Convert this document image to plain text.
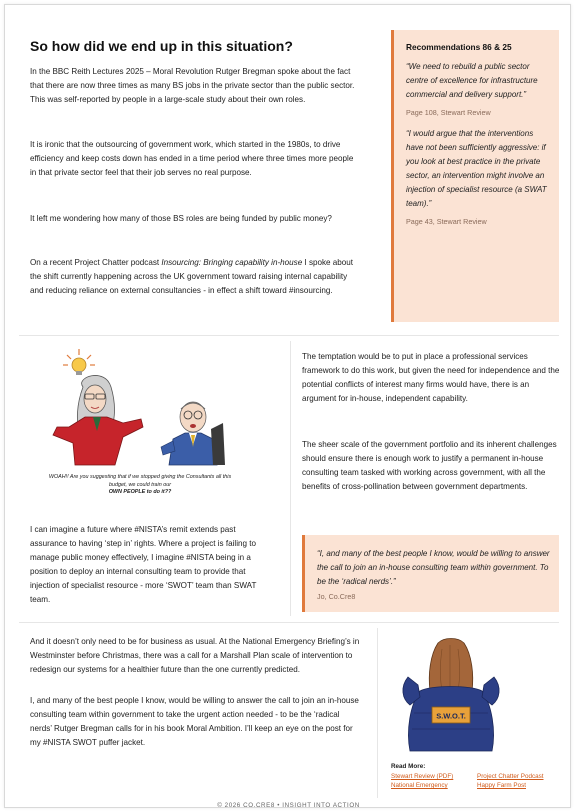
So how did we end up in this situation?

In the BBC Reith Lectures 2025 – Moral Revolution Rutger Bregman spoke about the fact that there are now three times as many BS jobs in the private sector than the public sector. This was self-reported by people in a large-scale study about their own roles.

It is ironic that the outsourcing of government work, which started in the 1980s, to drive efficiency and keep costs down has ended in a time period where three times more people in that private sector feel that their job serves no real purpose.

It left me wondering how many of those BS roles are being funded by public money?

On a recent Project Chatter podcast Insourcing: Bringing capability in-house I spoke about the shift currently happening across the UK government toward raising internal capability and reducing reliance on external consultancies - in effect a shift toward #insourcing.

Recommendations 86 & 25

“We need to rebuild a public sector centre of excellence for infrastructure commercial and delivery support.”

Page 108, Stewart Review

“I would argue that the interventions have not been sufficiently aggressive: if you look at best practice in the private sector, an intervention might involve an injection of specialist resource (a SWAT team).”

Page 43, Stewart Review

WOAH!! Are you suggesting that if we stopped giving the Consultants all this budget, we could train our
OWN PEOPLE to do it??

The temptation would be to put in place a professional services framework to do this work, but given the need for independence and the potential conflicts of interest many firms would have, there is an argument for in-house, independent capability.

The sheer scale of the government portfolio and its inherent challenges should ensure there is enough work to justify a permanent in-house consulting team tasked with working across government, with all the benefits of cross-pollination between government departments.

I can imagine a future where #NISTA’s remit extends past assurance to having ‘step in’ rights. Where a project is failing to manage public money effectively, I imagine #NISTA being in a position to deploy an internal consulting team to provide that injection of specialist resource - more ‘SWOT’ team than SWAT team.

“I, and many of the best people I know, would be willing to answer the call to join an in-house consulting team within government. To be the ‘radical nerds’.”

Jo, Co.Cre8

And it doesn’t only need to be for business as usual. At the National Emergency Briefing’s in Westminster before Christmas, there was a call for a Marshall Plan scale of intervention to redesign our systems for a healthier future than the one currently predicted.

I, and many of the best people I know, would be willing to answer the call to join an in-house consulting team within government to take the urgent action needed - to be the ‘radical nerds’ Rutger Bregman calls for in his book Moral Ambition. I’ll keep an eye on the post for my #NISTA SWOT puffer jacket.

S.W.O.T.
Read More:
Stewart Review (PDF)	Project Chatter Podcast
National Emergency	Happy Farm Post
© 2026 CO.CRE8 • INSIGHT INTO ACTION
